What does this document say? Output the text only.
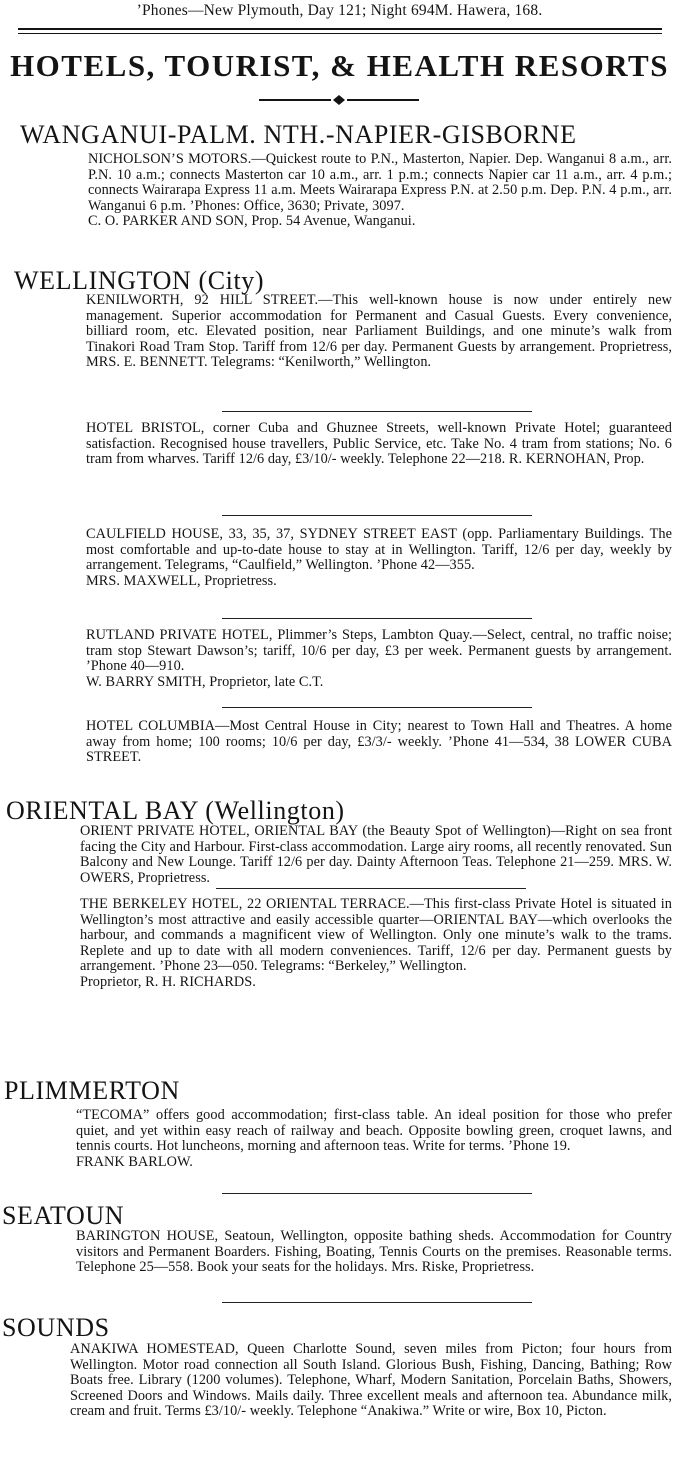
’Phones—New Plymouth, Day 121; Night 694M. Hawera, 168.
HOTELS, TOURIST, & HEALTH RESORTS
WANGANUI-PALM. NTH.-NAPIER-GISBORNE
NICHOLSON’S MOTORS.—Quickest route to P.N., Masterton, Napier. Dep. Wanganui 8 a.m., arr. P.N. 10 a.m.; connects Masterton car 10 a.m., arr. 1 p.m.; connects Napier car 11 a.m., arr. 4 p.m.; connects Wairarapa Express 11 a.m. Meets Wairarapa Express P.N. at 2.50 p.m. Dep. P.N. 4 p.m., arr. Wanganui 6 p.m. ’Phones: Office, 3630; Private, 3097.
C. O. PARKER AND SON, Prop. 54 Avenue, Wanganui.
WELLINGTON (City)
KENILWORTH, 92 HILL STREET.—This well-known house is now under entirely new management. Superior accommodation for Permanent and Casual Guests. Every convenience, billiard room, etc. Elevated position, near Parliament Buildings, and one minute’s walk from Tinakori Road Tram Stop. Tariff from 12/6 per day. Permanent Guests by arrangement. Proprietress, MRS. E. BENNETT. Telegrams: “Kenilworth,” Wellington.
HOTEL BRISTOL, corner Cuba and Ghuznee Streets, well-known Private Hotel; guaranteed satisfaction. Recognised house travellers, Public Service, etc. Take No. 4 tram from stations; No. 6 tram from wharves. Tariff 12/6 day, £3/10/- weekly. Telephone 22—218. R. KERNOHAN, Prop.
CAULFIELD HOUSE, 33, 35, 37, SYDNEY STREET EAST (opp. Parliamentary Buildings. The most comfortable and up-to-date house to stay at in Wellington. Tariff, 12/6 per day, weekly by arrangement. Telegrams, “Caulfield,” Wellington. ’Phone 42—355.
MRS. MAXWELL, Proprietress.
RUTLAND PRIVATE HOTEL, Plimmer’s Steps, Lambton Quay.—Select, central, no traffic noise; tram stop Stewart Dawson’s; tariff, 10/6 per day, £3 per week. Permanent guests by arrangement. ’Phone 40—910.
W. BARRY SMITH, Proprietor, late C.T.
HOTEL COLUMBIA—Most Central House in City; nearest to Town Hall and Theatres. A home away from home; 100 rooms; 10/6 per day, £3/3/- weekly. ’Phone 41—534, 38 LOWER CUBA STREET.
ORIENTAL BAY (Wellington)
ORIENT PRIVATE HOTEL, ORIENTAL BAY (the Beauty Spot of Wellington)—Right on sea front facing the City and Harbour. First-class accommodation. Large airy rooms, all recently renovated. Sun Balcony and New Lounge. Tariff 12/6 per day. Dainty Afternoon Teas. Telephone 21—259. MRS. W. OWERS, Proprietress.
THE BERKELEY HOTEL, 22 ORIENTAL TERRACE.—This first-class Private Hotel is situated in Wellington’s most attractive and easily accessible quarter—ORIENTAL BAY—which overlooks the harbour, and commands a magnificent view of Wellington. Only one minute’s walk to the trams. Replete and up to date with all modern conveniences. Tariff, 12/6 per day. Permanent guests by arrangement. ’Phone 23—050. Telegrams: “Berkeley,” Wellington.
Proprietor, R. H. RICHARDS.
PLIMMERTON
“TECOMA” offers good accommodation; first-class table. An ideal position for those who prefer quiet, and yet within easy reach of railway and beach. Opposite bowling green, croquet lawns, and tennis courts. Hot luncheons, morning and afternoon teas. Write for terms. ’Phone 19.
FRANK BARLOW.
SEATOUN
BARINGTON HOUSE, Seatoun, Wellington, opposite bathing sheds. Accommodation for Country visitors and Permanent Boarders. Fishing, Boating, Tennis Courts on the premises. Reasonable terms. Telephone 25—558. Book your seats for the holidays. Mrs. Riske, Proprietress.
SOUNDS
ANAKIWA HOMESTEAD, Queen Charlotte Sound, seven miles from Picton; four hours from Wellington. Motor road connection all South Island. Glorious Bush, Fishing, Dancing, Bathing; Row Boats free. Library (1200 volumes). Telephone, Wharf, Modern Sanitation, Porcelain Baths, Showers, Screened Doors and Windows. Mails daily. Three excellent meals and afternoon tea. Abundance milk, cream and fruit. Terms £3/10/- weekly. Telephone “Anakiwa.” Write or wire, Box 10, Picton.
